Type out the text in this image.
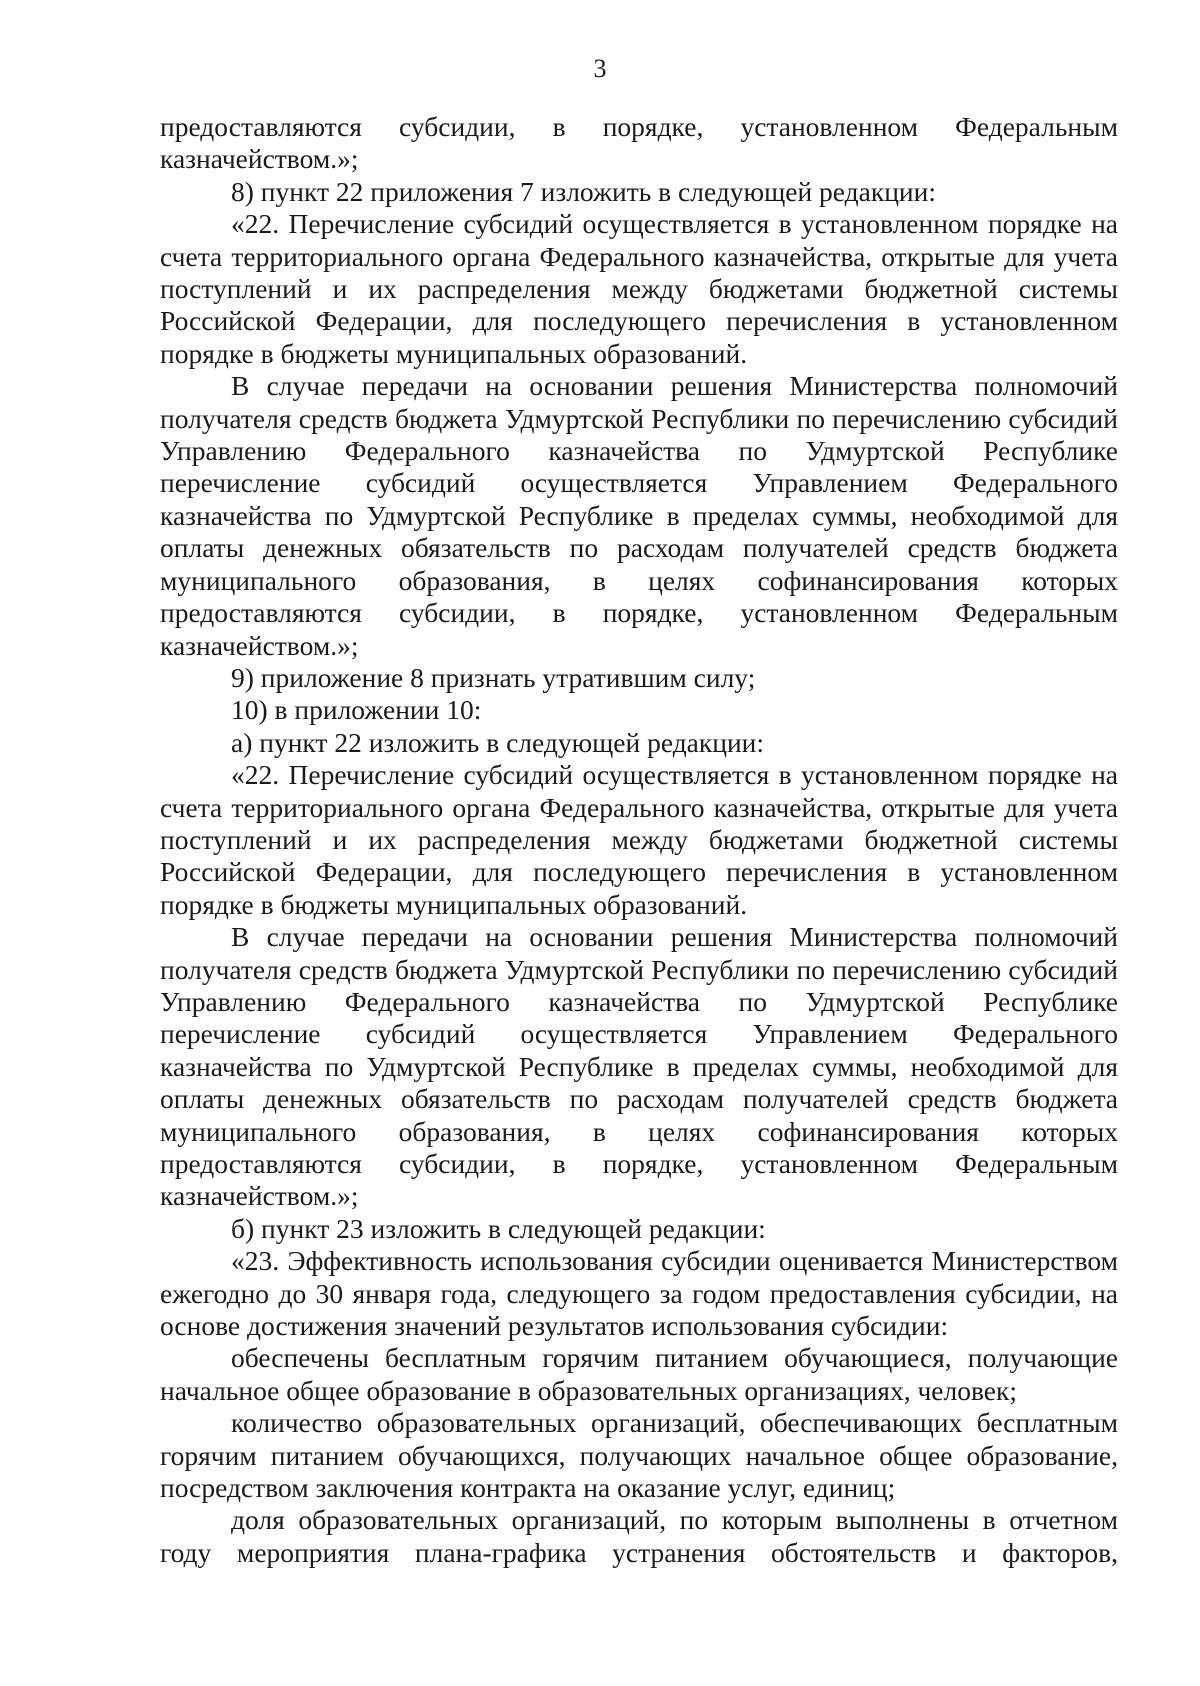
3

предоставляются субсидии, в порядке, установленном Федеральным казначейством.»;

8) пункт 22 приложения 7 изложить в следующей редакции:

«22. Перечисление субсидий осуществляется в установленном порядке на счета территориального органа Федерального казначейства, открытые для учета поступлений и их распределения между бюджетами бюджетной системы Российской Федерации, для последующего перечисления в установленном порядке в бюджеты муниципальных образований.

В случае передачи на основании решения Министерства полномочий получателя средств бюджета Удмуртской Республики по перечислению субсидий Управлению Федерального казначейства по Удмуртской Республике перечисление субсидий осуществляется Управлением Федерального казначейства по Удмуртской Республике в пределах суммы, необходимой для оплаты денежных обязательств по расходам получателей средств бюджета муниципального образования, в целях софинансирования которых предоставляются субсидии, в порядке, установленном Федеральным казначейством.»;

9) приложение 8 признать утратившим силу;

10) в приложении 10:

а) пункт 22 изложить в следующей редакции:

«22. Перечисление субсидий осуществляется в установленном порядке на счета территориального органа Федерального казначейства, открытые для учета поступлений и их распределения между бюджетами бюджетной системы Российской Федерации, для последующего перечисления в установленном порядке в бюджеты муниципальных образований.

В случае передачи на основании решения Министерства полномочий получателя средств бюджета Удмуртской Республики по перечислению субсидий Управлению Федерального казначейства по Удмуртской Республике перечисление субсидий осуществляется Управлением Федерального казначейства по Удмуртской Республике в пределах суммы, необходимой для оплаты денежных обязательств по расходам получателей средств бюджета муниципального образования, в целях софинансирования которых предоставляются субсидии, в порядке, установленном Федеральным казначейством.»;

б) пункт 23 изложить в следующей редакции:

«23. Эффективность использования субсидии оценивается Министерством ежегодно до 30 января года, следующего за годом предоставления субсидии, на основе достижения значений результатов использования субсидии:

обеспечены бесплатным горячим питанием обучающиеся, получающие начальное общее образование в образовательных организациях, человек;

количество образовательных организаций, обеспечивающих бесплатным горячим питанием обучающихся, получающих начальное общее образование, посредством заключения контракта на оказание услуг, единиц;

доля образовательных организаций, по которым выполнены в отчетном году мероприятия плана-графика устранения обстоятельств и факторов,
